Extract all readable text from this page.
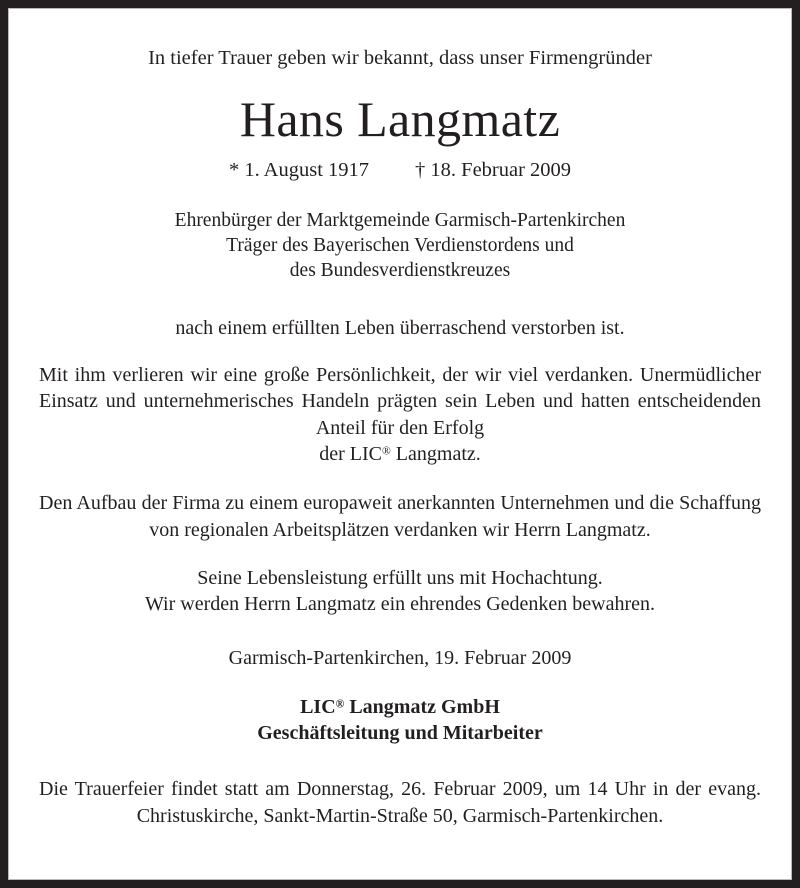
In tiefer Trauer geben wir bekannt, dass unser Firmengründer
Hans Langmatz
* 1. August 1917 † 18. Februar 2009
Ehrenbürger der Marktgemeinde Garmisch-Partenkirchen
Träger des Bayerischen Verdienstordens und
des Bundesverdienstkreuzes
nach einem erfüllten Leben überraschend verstorben ist.
Mit ihm verlieren wir eine große Persönlichkeit, der wir viel verdanken. Unermüdlicher Einsatz und unternehmerisches Handeln prägten sein Leben und hatten entscheidenden Anteil für den Erfolg
der LIC® Langmatz.
Den Aufbau der Firma zu einem europaweit anerkannten Unternehmen und die Schaffung von regionalen Arbeitsplätzen verdanken wir Herrn Langmatz.
Seine Lebensleistung erfüllt uns mit Hochachtung.
Wir werden Herrn Langmatz ein ehrendes Gedenken bewahren.
Garmisch-Partenkirchen, 19. Februar 2009
LIC® Langmatz GmbH
Geschäftsleitung und Mitarbeiter
Die Trauerfeier findet statt am Donnerstag, 26. Februar 2009, um 14 Uhr in der evang. Christuskirche, Sankt-Martin-Straße 50, Garmisch-Partenkirchen.
